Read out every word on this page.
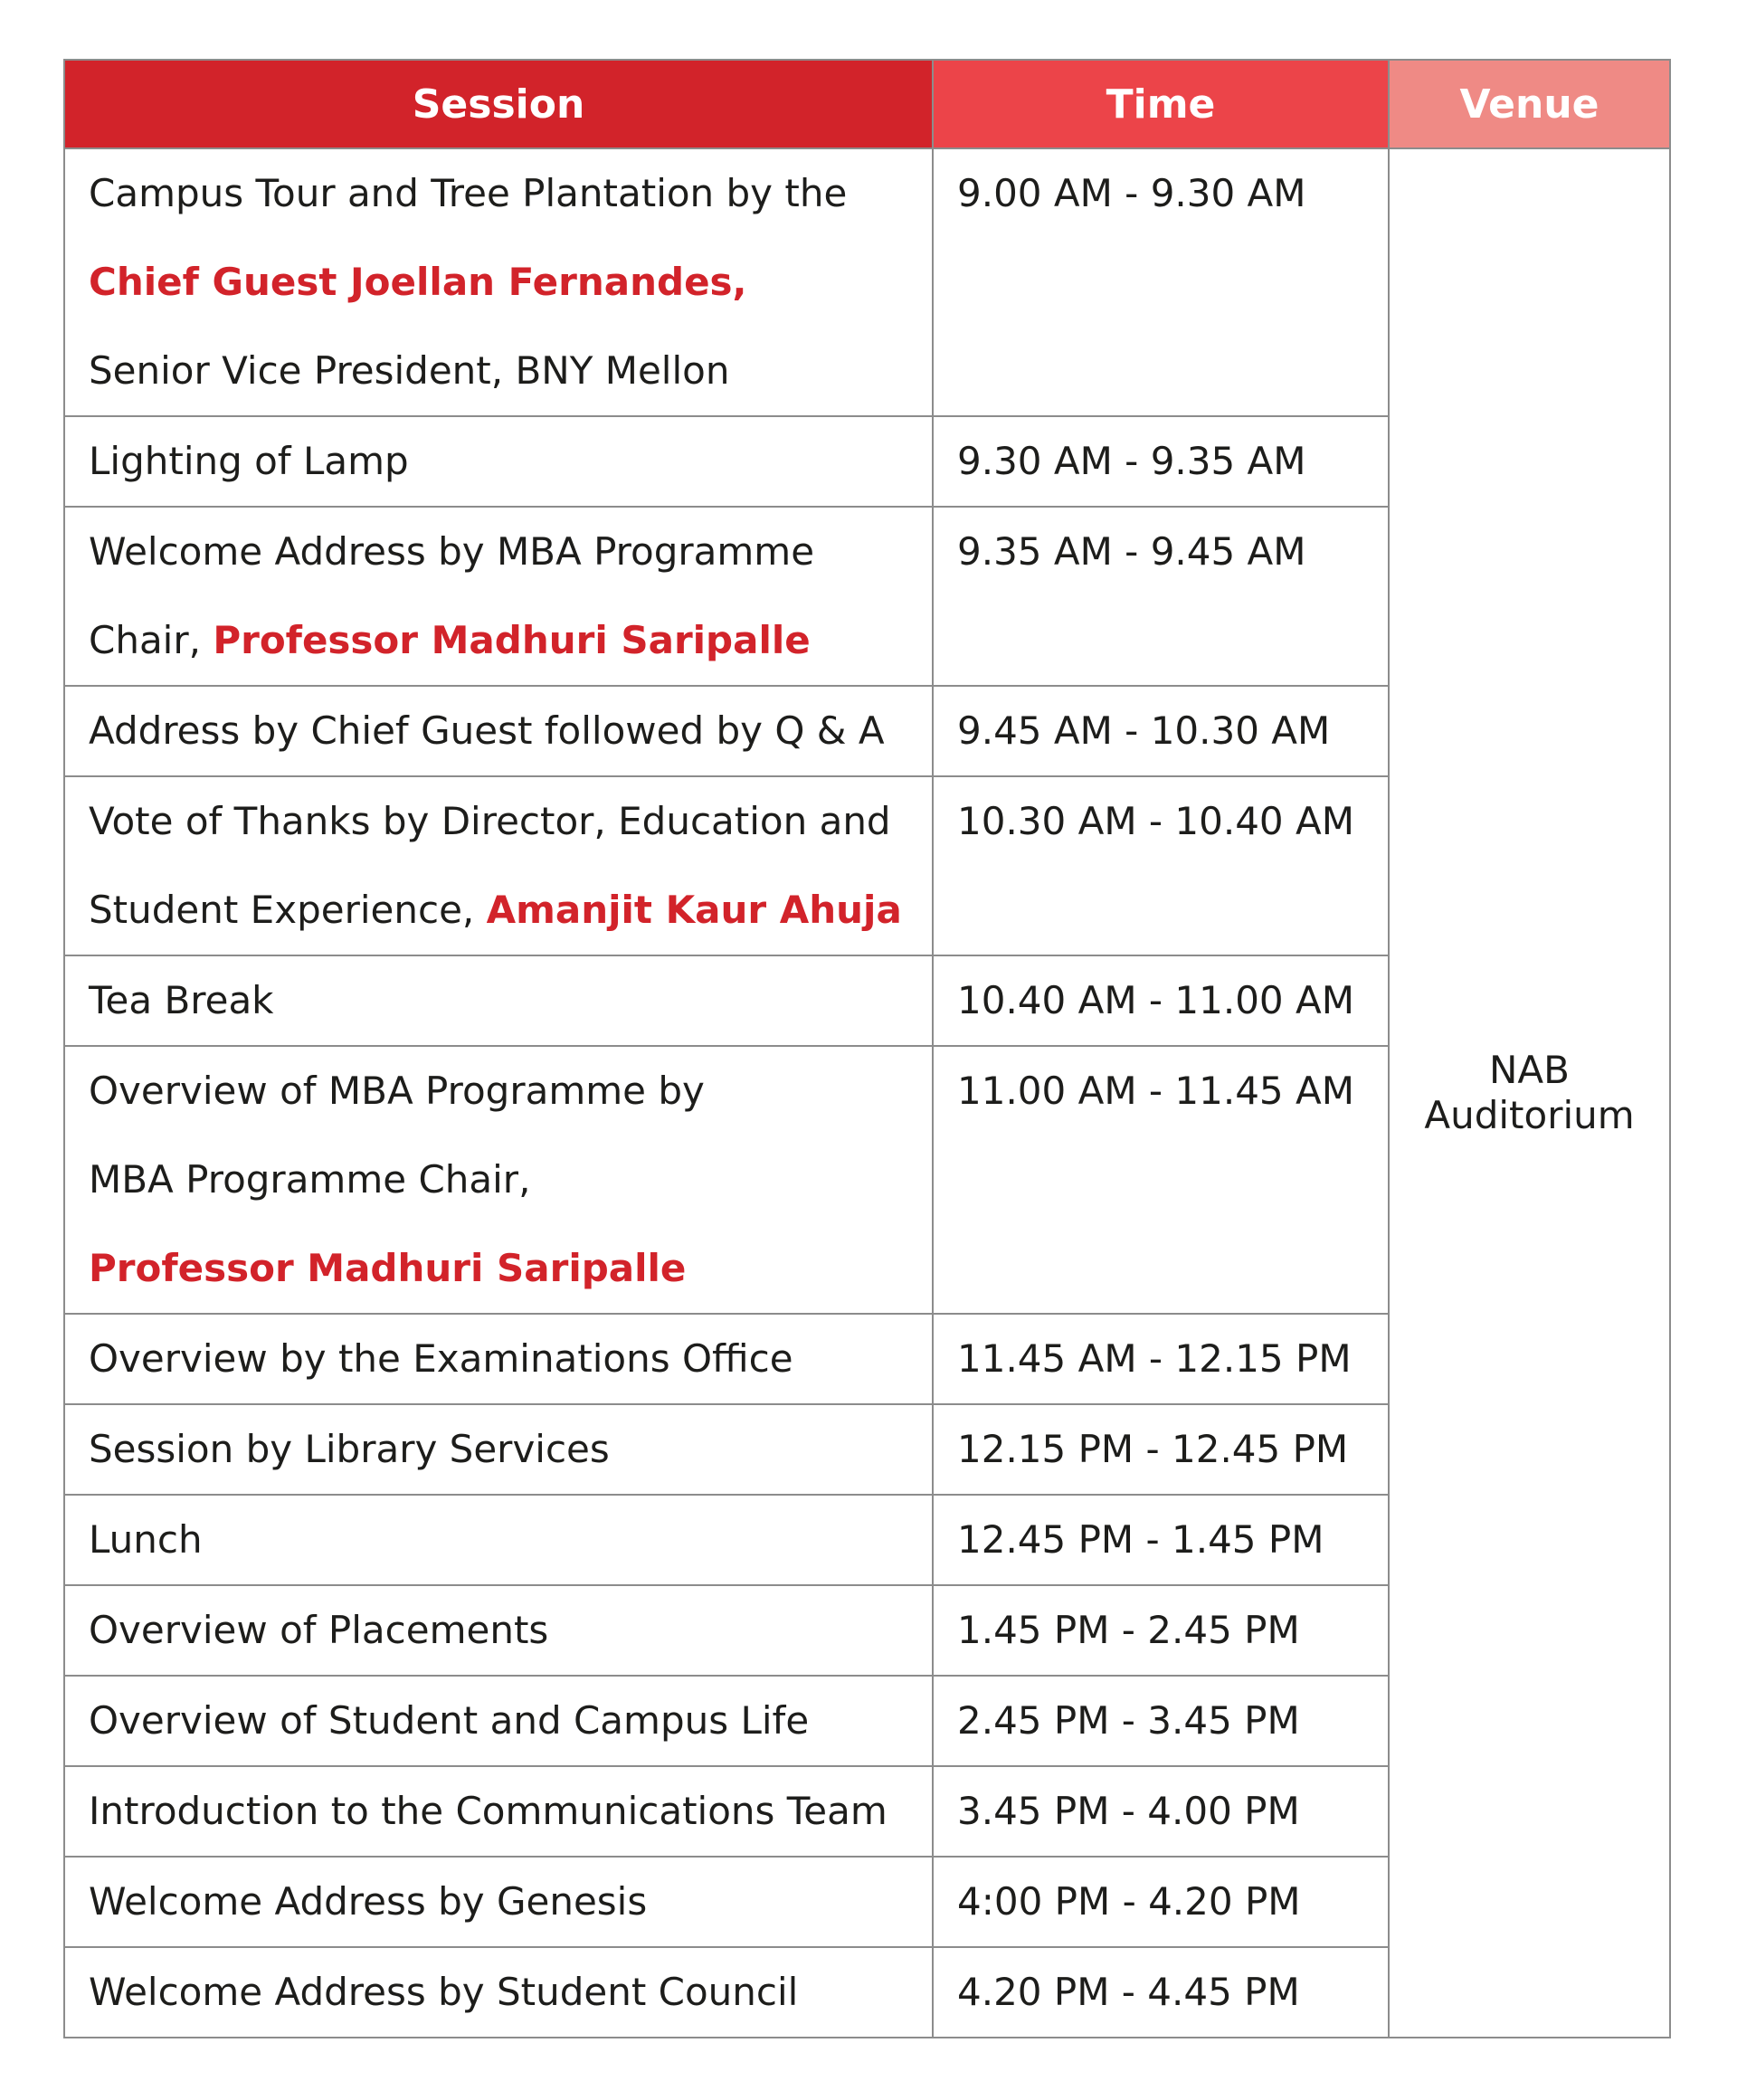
Session	Time	Venue

Campus Tour and Tree Plantation by the
Chief Guest Joellan Fernandes,
Senior Vice President, BNY Mellon	9.00 AM - 9.30 AM	NAB
Auditorium

Lighting of Lamp	9.30 AM - 9.35 AM	

Welcome Address by MBA Programme
Chair, Professor Madhuri Saripalle	9.35 AM - 9.45 AM	

Address by Chief Guest followed by Q & A	9.45 AM - 10.30 AM	

Vote of Thanks by Director, Education and
Student Experience, Amanjit Kaur Ahuja	10.30 AM - 10.40 AM	

Tea Break	10.40 AM - 11.00 AM	

Overview of MBA Programme by
MBA Programme Chair,
Professor Madhuri Saripalle	11.00 AM - 11.45 AM	

Overview by the Examinations Office	11.45 AM - 12.15 PM	

Session by Library Services	12.15 PM - 12.45 PM	

Lunch	12.45 PM - 1.45 PM	

Overview of Placements	1.45 PM - 2.45 PM	

Overview of Student and Campus Life	2.45 PM - 3.45 PM	

Introduction to the Communications Team	3.45 PM - 4.00 PM	

Welcome Address by Genesis	4:00 PM - 4.20 PM	

Welcome Address by Student Council	4.20 PM - 4.45 PM	
